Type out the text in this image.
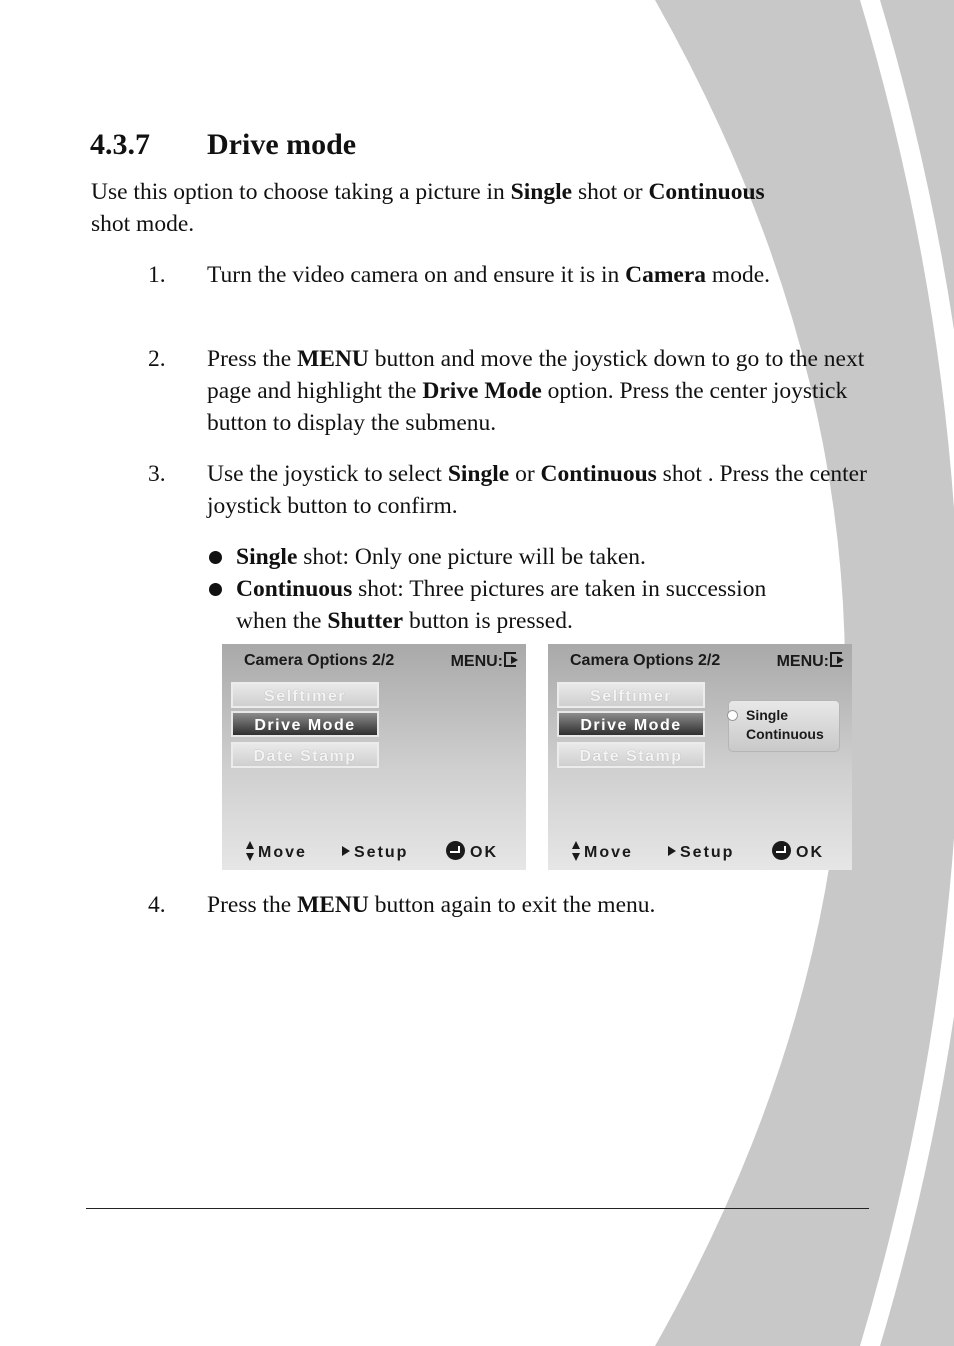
4.3.7 Drive mode

Use this option to choose taking a picture in Single shot or Continuous shot mode.

1. Turn the video camera on and ensure it is in Camera mode.
2. Press the MENU button and move the joystick down to go to the next page and highlight the Drive Mode option. Press the center joystick button to display the submenu.
3. Use the joystick to select Single or Continuous shot . Press the center joystick button to confirm.
Single shot: Only one picture will be taken.
Continuous shot: Three pictures are taken in succession when the Shutter button is pressed.
Camera Options 2/2	MENU:
Selftimer
Drive Mode
Date Stamp
Move	Setup	OK
Camera Options 2/2	MENU:
Selftimer
Drive Mode
Date Stamp
Single
Continuous
Move	Setup	OK
4. Press the MENU button again to exit the menu.
